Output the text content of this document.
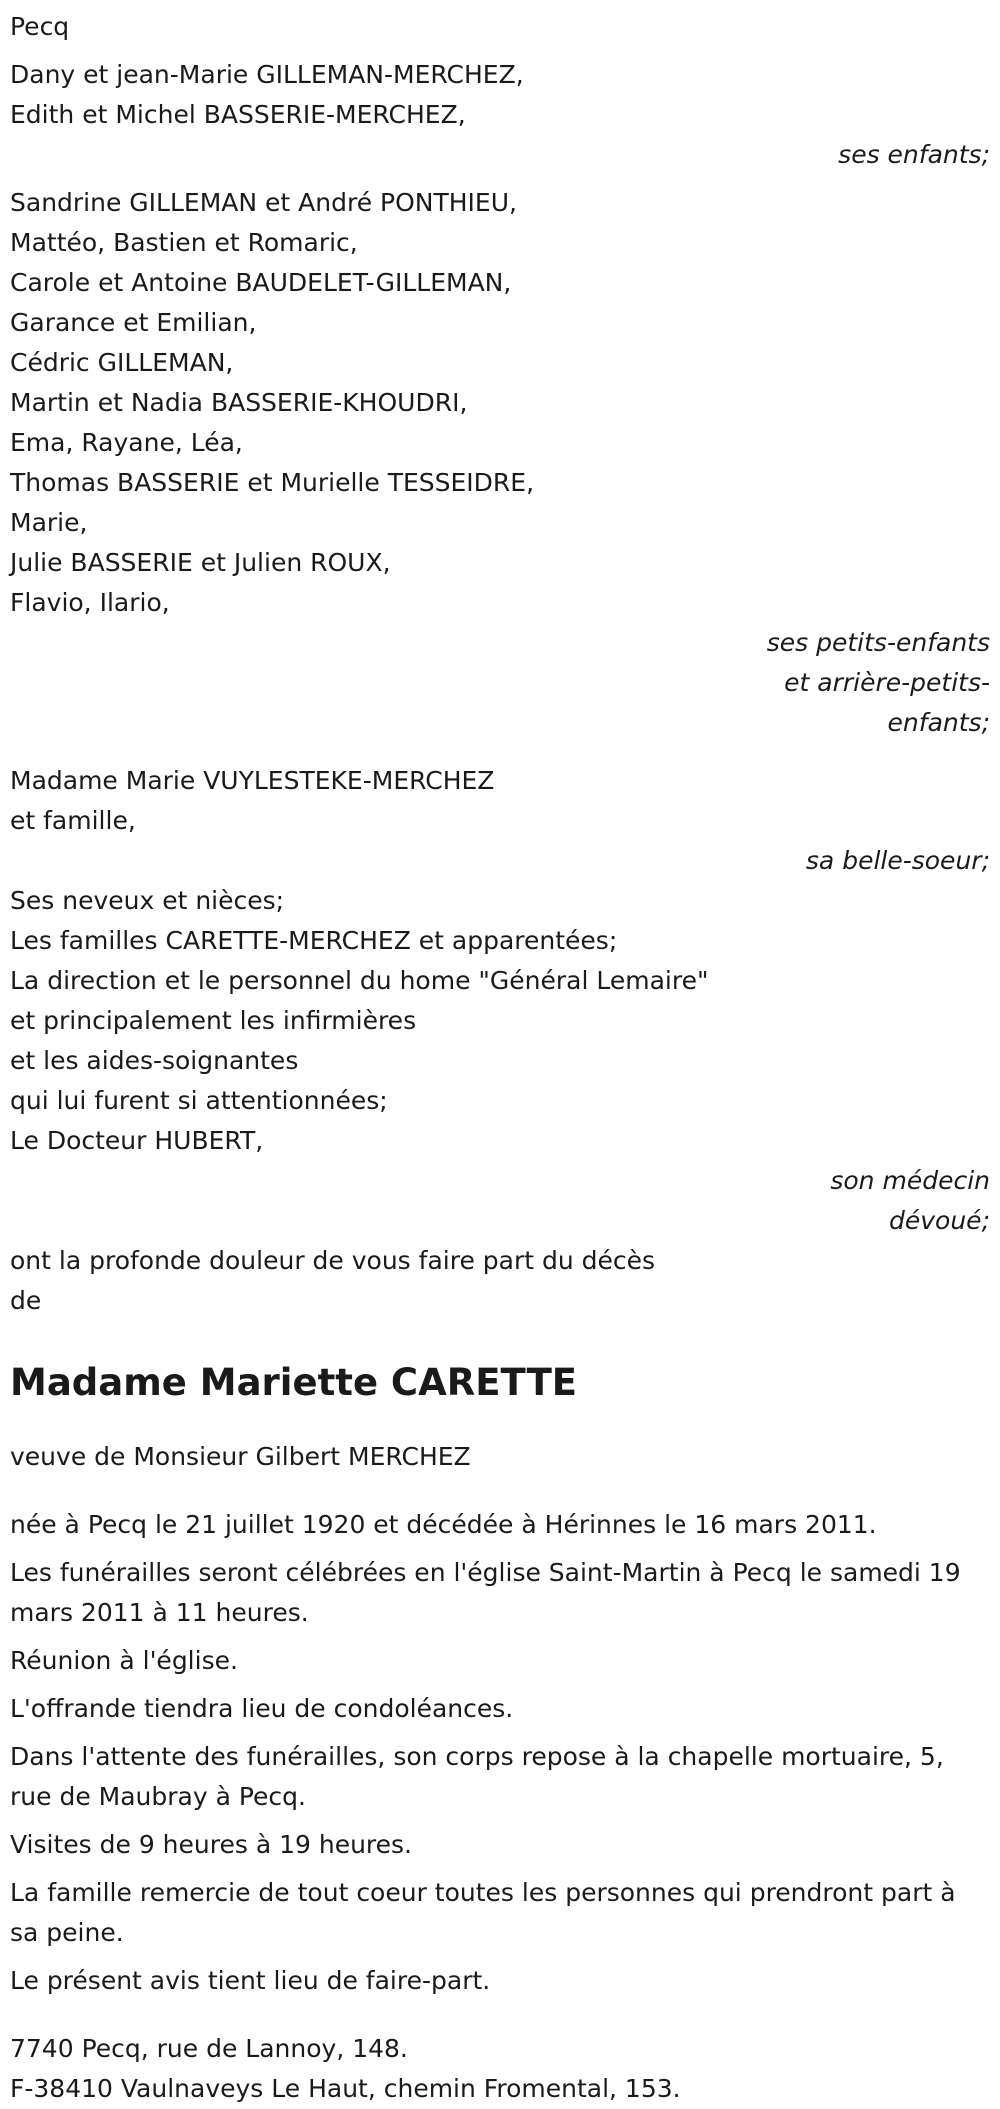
Pecq
Dany et jean-Marie GILLEMAN-MERCHEZ,
Edith et Michel BASSERIE-MERCHEZ,
ses enfants;
Sandrine GILLEMAN et André PONTHIEU,
Mattéo, Bastien et Romaric,
Carole et Antoine BAUDELET-GILLEMAN,
Garance et Emilian,
Cédric GILLEMAN,
Martin et Nadia BASSERIE-KHOUDRI,
Ema, Rayane, Léa,
Thomas BASSERIE et Murielle TESSEIDRE,
Marie,
Julie BASSERIE et Julien ROUX,
Flavio, Ilario,
ses petits-enfants
et arrière-petits-
enfants;
Madame Marie VUYLESTEKE-MERCHEZ
et famille,
sa belle-soeur;
Ses neveux et nièces;
Les familles CARETTE-MERCHEZ et apparentées;
La direction et le personnel du home "Général Lemaire"
et principalement les infirmières
et les aides-soignantes
qui lui furent si attentionnées;
Le Docteur HUBERT,
son médecin
dévoué;
ont la profonde douleur de vous faire part du décès
de
Madame Mariette CARETTE
veuve de Monsieur Gilbert MERCHEZ
née à Pecq le 21 juillet 1920 et décédée à Hérinnes le 16 mars 2011.
Les funérailles seront célébrées en l'église Saint-Martin à Pecq le samedi 19 mars 2011 à 11 heures.
Réunion à l'église.
L'offrande tiendra lieu de condoléances.
Dans l'attente des funérailles, son corps repose à la chapelle mortuaire, 5, rue de Maubray à Pecq.
Visites de 9 heures à 19 heures.
La famille remercie de tout coeur toutes les personnes qui prendront part à sa peine.
Le présent avis tient lieu de faire-part.
7740 Pecq, rue de Lannoy, 148.
F-38410 Vaulnaveys Le Haut, chemin Fromental, 153.
